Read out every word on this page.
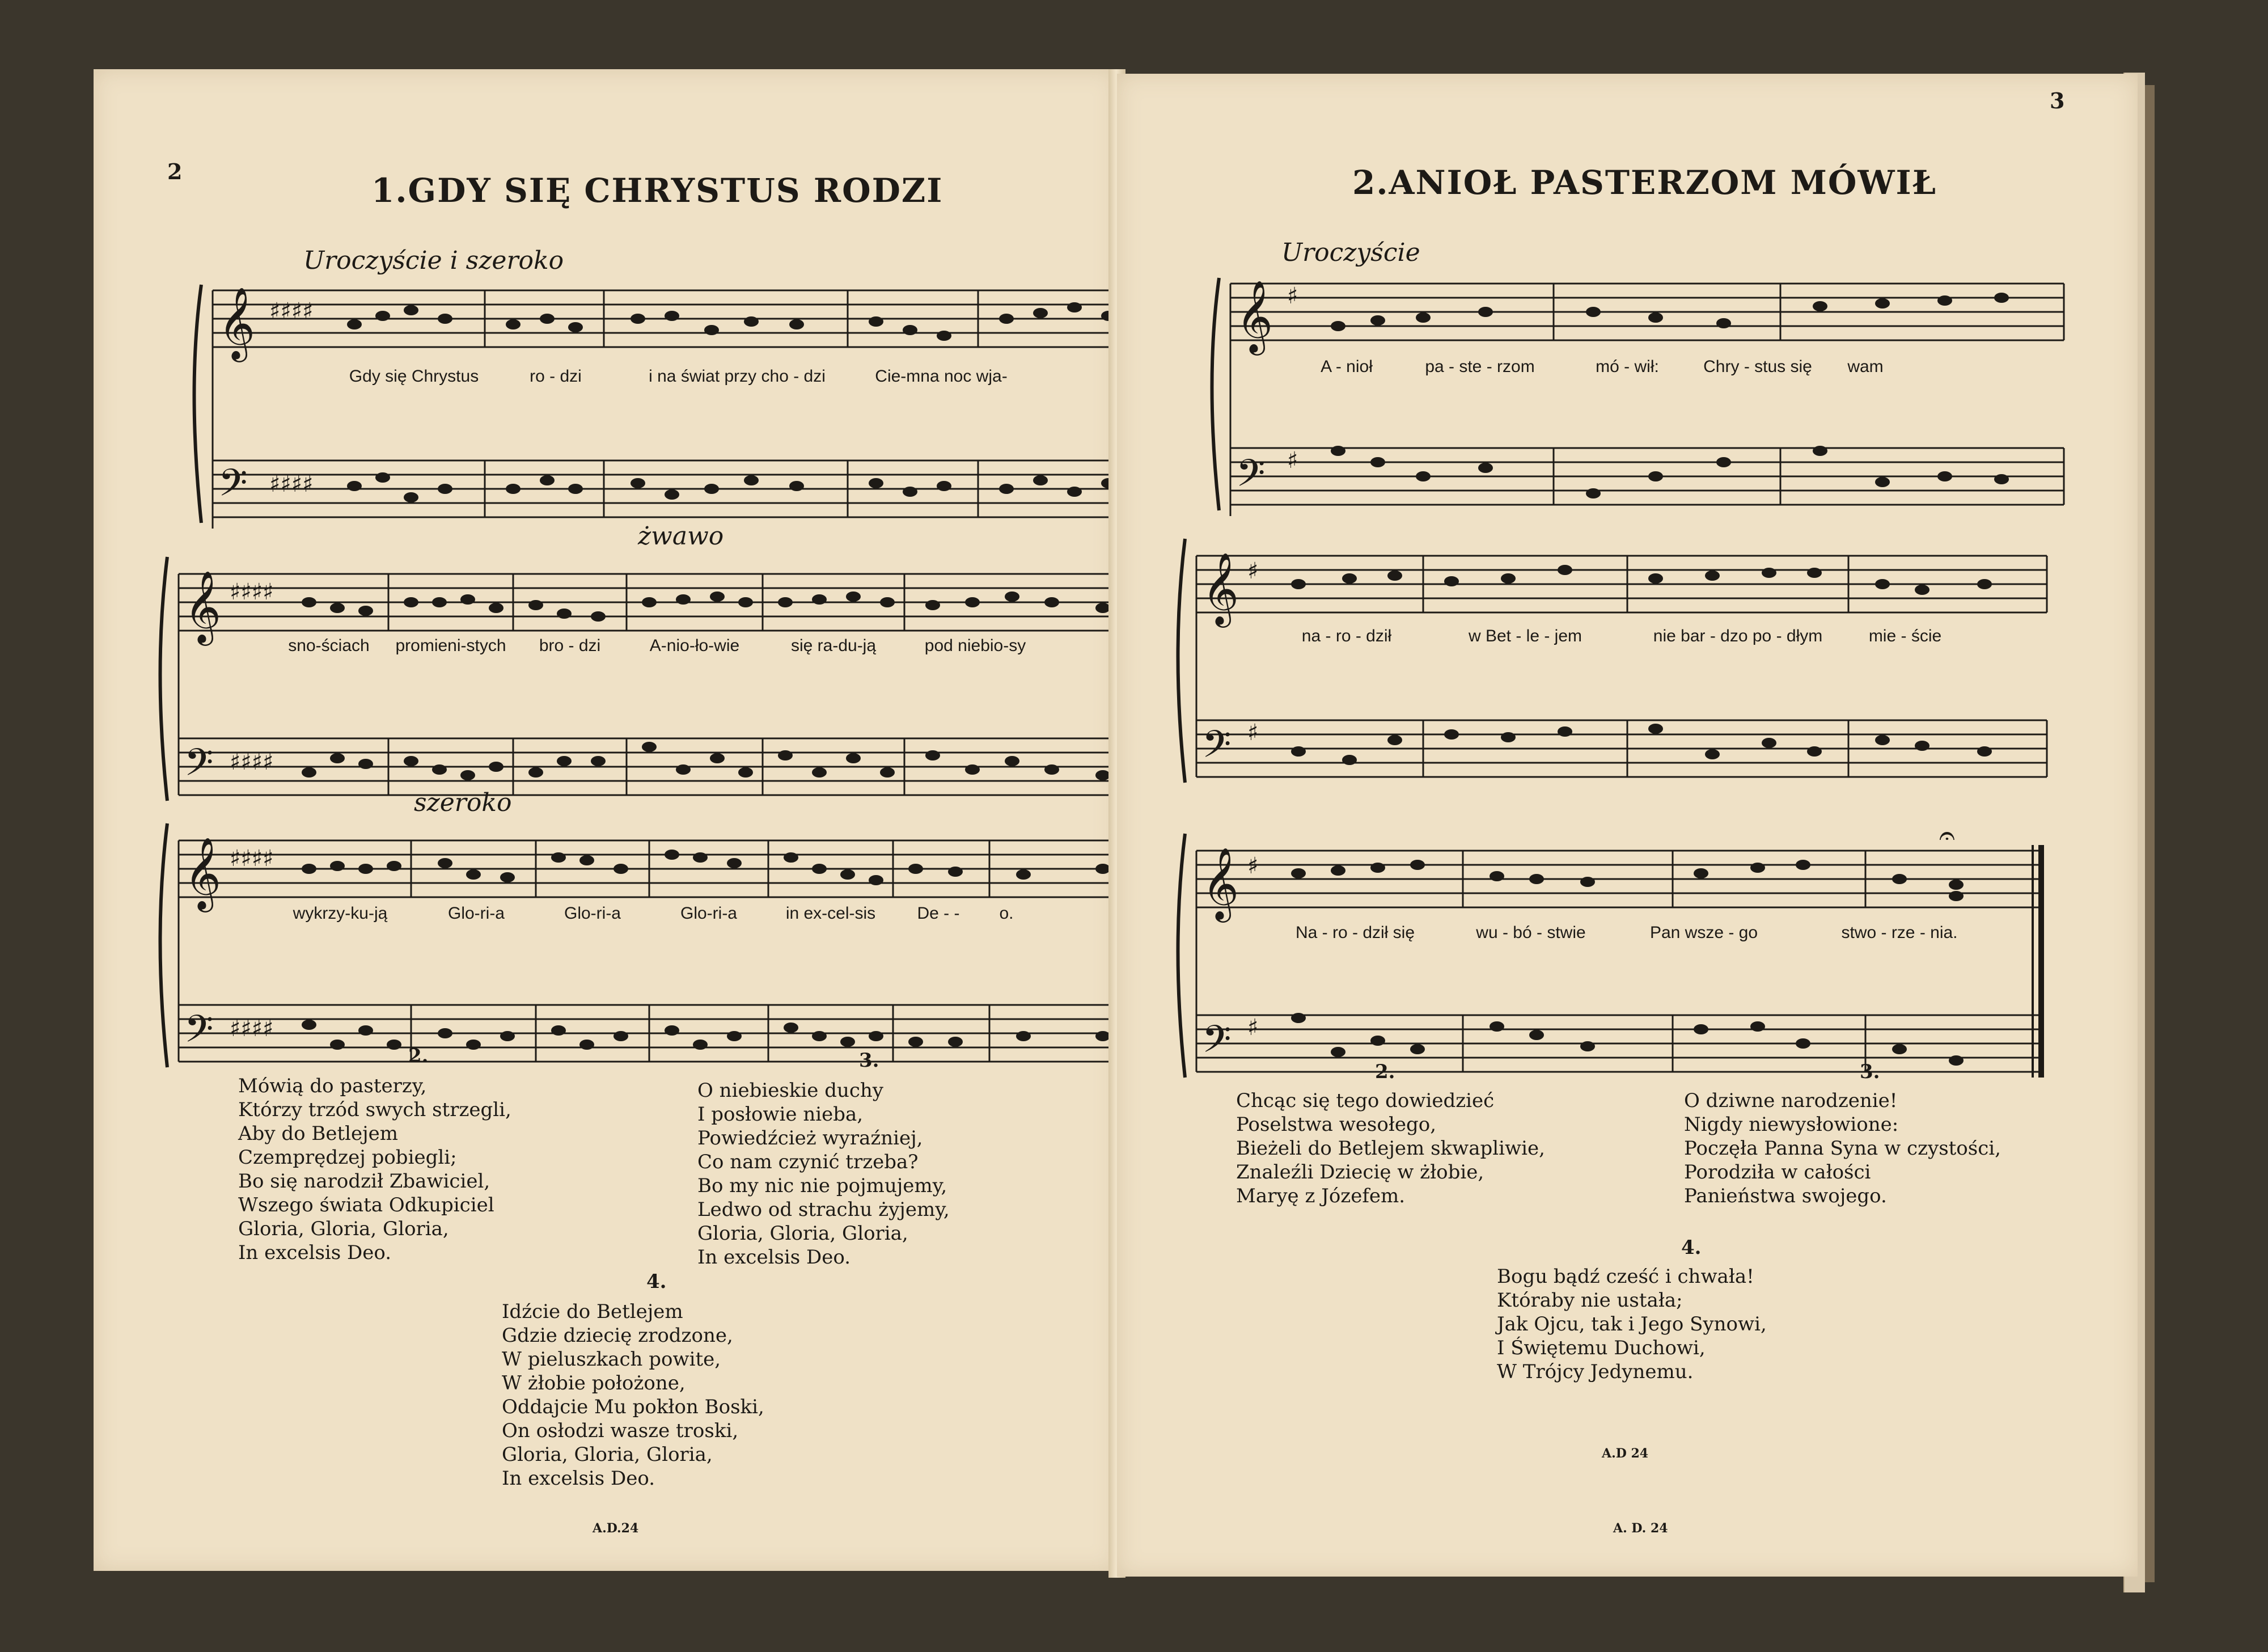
2	1.GDY SIĘ CHRYSTUS RODZI
Uroczyście i szeroko
𝄞
𝄢
♯♯♯♯
♯♯♯♯
Gdy się Chrystus	ro - dzi	i na świat przy cho - dzi	Cie-mna noc wja-
żwawo
𝄞
𝄢
♯♯♯♯
♯♯♯♯
sno-ściach	promieni-stych	bro - dzi	A-nio-ło-wie	się ra-du-ją	pod niebio-sy
szeroko
𝄞
𝄢
♯♯♯♯
♯♯♯♯
wykrzy-ku-ją	Glo-ri-a	Glo-ri-a	Glo-ri-a	in ex-cel-sis	De - -	o.
2.
Mówią do pasterzy,
Którzy trzód swych strzegli,
Aby do Betlejem
Czemprędzej pobiegli;
Bo się narodził Zbawiciel,
Wszego świata Odkupiciel
Gloria, Gloria, Gloria,
In excelsis Deo.
3.
O niebieskie duchy
I posłowie nieba,
Powiedźcież wyraźniej,
Co nam czynić trzeba?
Bo my nic nie pojmujemy,
Ledwo od strachu żyjemy,
Gloria, Gloria, Gloria,
In excelsis Deo.
4.
Idźcie do Betlejem
Gdzie dziecię zrodzone,
W pieluszkach powite,
W żłobie położone,
Oddajcie Mu pokłon Boski,
On osłodzi wasze troski,
Gloria, Gloria, Gloria,
In excelsis Deo.
A.D.24
3
2.ANIOŁ PASTERZOM MÓWIŁ
Uroczyście
𝄞
𝄢
♯
♯
A - nioł	pa - ste - rzom	mó - wił:	Chry - stus się	wam
𝄞
𝄢
♯
♯
na - ro - dził	w Bet - le - jem	nie bar - dzo po - dłym	mie - ście
𝄞
𝄢
♯
♯
𝄐
Na - ro - dził się	wu - bó - stwie	Pan wsze - go	stwo - rze - nia.
2.
Chcąc się tego dowiedzieć
Poselstwa wesołego,
Bieżeli do Betlejem skwapliwie,
Znaleźli Dziecię w żłobie,
Maryę z Józefem.
3.
O dziwne narodzenie!
Nigdy niewysłowione:
Poczęła Panna Syna w czystości,
Porodziła w całości
Panieństwa swojego.
4.
Bogu bądź cześć i chwała!
Któraby nie ustała;
Jak Ojcu, tak i Jego Synowi,
I Świętemu Duchowi,
W Trójcy Jedynemu.
A.D 24
A. D. 24
